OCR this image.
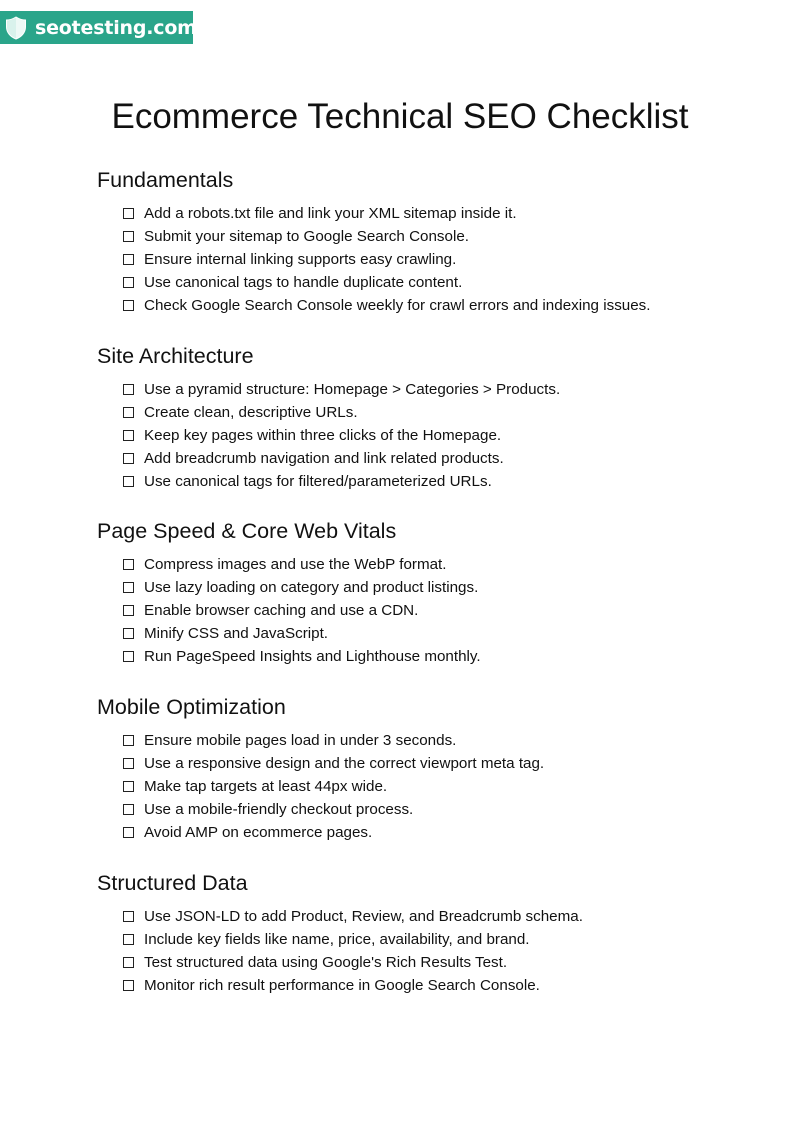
seotesting.com
Ecommerce Technical SEO Checklist
Fundamentals
Add a robots.txt file and link your XML sitemap inside it.
Submit your sitemap to Google Search Console.
Ensure internal linking supports easy crawling.
Use canonical tags to handle duplicate content.
Check Google Search Console weekly for crawl errors and indexing issues.
Site Architecture
Use a pyramid structure: Homepage > Categories > Products.
Create clean, descriptive URLs.
Keep key pages within three clicks of the Homepage.
Add breadcrumb navigation and link related products.
Use canonical tags for filtered/parameterized URLs.
Page Speed & Core Web Vitals
Compress images and use the WebP format.
Use lazy loading on category and product listings.
Enable browser caching and use a CDN.
Minify CSS and JavaScript.
Run PageSpeed Insights and Lighthouse monthly.
Mobile Optimization
Ensure mobile pages load in under 3 seconds.
Use a responsive design and the correct viewport meta tag.
Make tap targets at least 44px wide.
Use a mobile-friendly checkout process.
Avoid AMP on ecommerce pages.
Structured Data
Use JSON-LD to add Product, Review, and Breadcrumb schema.
Include key fields like name, price, availability, and brand.
Test structured data using Google's Rich Results Test.
Monitor rich result performance in Google Search Console.
